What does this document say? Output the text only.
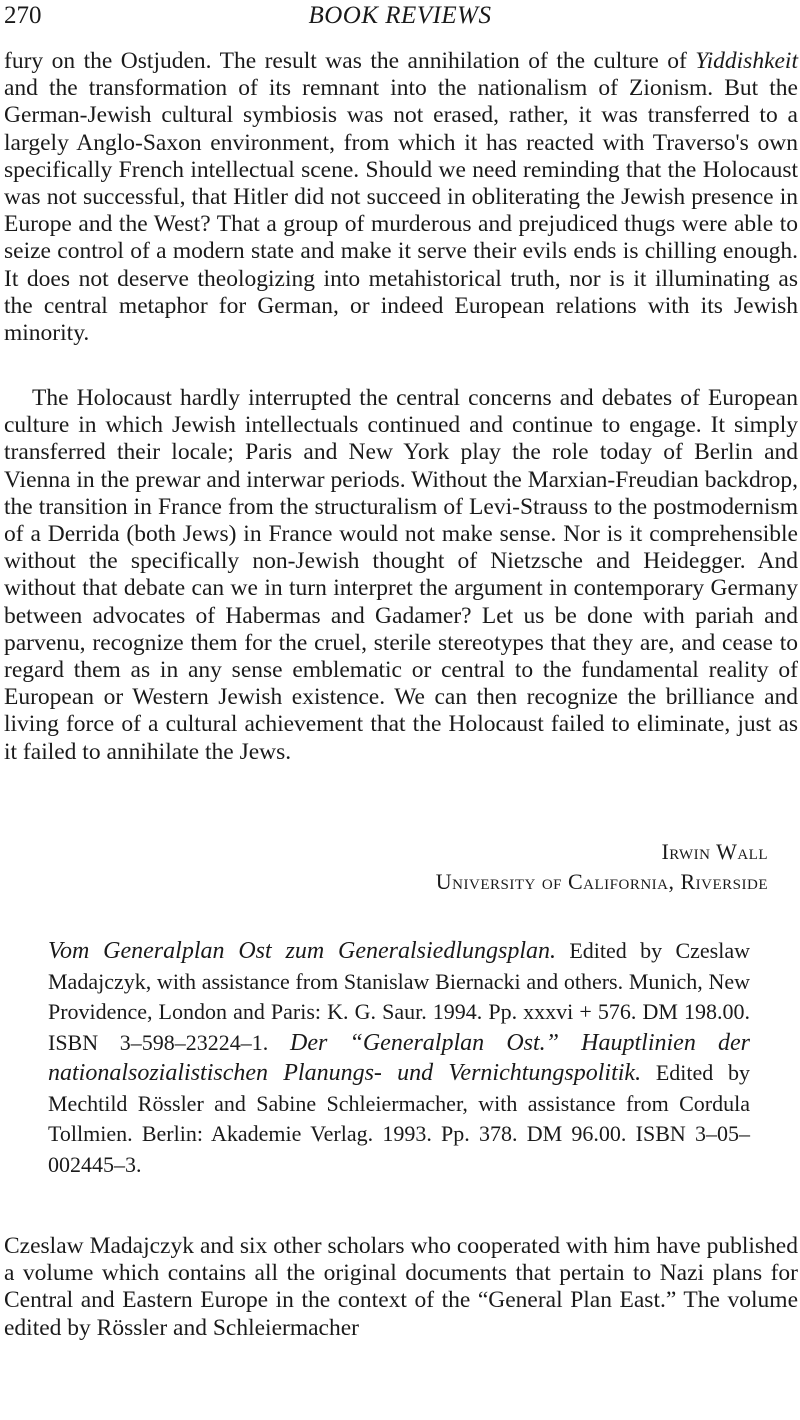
270	BOOK REVIEWS

fury on the Ostjuden. The result was the annihilation of the culture of Yiddishkeit and the transformation of its remnant into the nationalism of Zionism. But the German-Jewish cultural symbiosis was not erased, rather, it was transferred to a largely Anglo-Saxon environment, from which it has reacted with Traverso's own specifically French intellectual scene. Should we need reminding that the Holocaust was not successful, that Hitler did not succeed in obliterating the Jewish presence in Europe and the West? That a group of murderous and prejudiced thugs were able to seize control of a modern state and make it serve their evils ends is chilling enough. It does not deserve theologizing into metahistorical truth, nor is it illuminating as the central metaphor for German, or indeed European relations with its Jewish minority.

The Holocaust hardly interrupted the central concerns and debates of European culture in which Jewish intellectuals continued and continue to engage. It simply transferred their locale; Paris and New York play the role today of Berlin and Vienna in the prewar and interwar periods. Without the Marxian-Freudian backdrop, the transition in France from the structuralism of Levi-Strauss to the postmodernism of a Derrida (both Jews) in France would not make sense. Nor is it comprehensible without the specifically non-Jewish thought of Nietzsche and Heidegger. And without that debate can we in turn interpret the argument in contemporary Germany between advocates of Habermas and Gadamer? Let us be done with pariah and parvenu, recognize them for the cruel, sterile stereotypes that they are, and cease to regard them as in any sense emblematic or central to the fundamental reality of European or Western Jewish existence. We can then recognize the brilliance and living force of a cultural achievement that the Holocaust failed to eliminate, just as it failed to annihilate the Jews.

Irwin Wall
University of California, Riverside

Vom Generalplan Ost zum Generalsiedlungsplan. Edited by Czeslaw Madajczyk, with assistance from Stanislaw Biernacki and others. Munich, New Providence, London and Paris: K. G. Saur. 1994. Pp. xxxvi + 576. DM 198.00. ISBN 3–598–23224–1. Der “Generalplan Ost.” Hauptlinien der nationalsozialistischen Planungs- und Vernichtungspolitik. Edited by Mechtild Rössler and Sabine Schleiermacher, with assistance from Cordula Tollmien. Berlin: Akademie Verlag. 1993. Pp. 378. DM 96.00. ISBN 3–05–002445–3.

Czeslaw Madajczyk and six other scholars who cooperated with him have published a volume which contains all the original documents that pertain to Nazi plans for Central and Eastern Europe in the context of the “General Plan East.” The volume edited by Rössler and Schleiermacher
